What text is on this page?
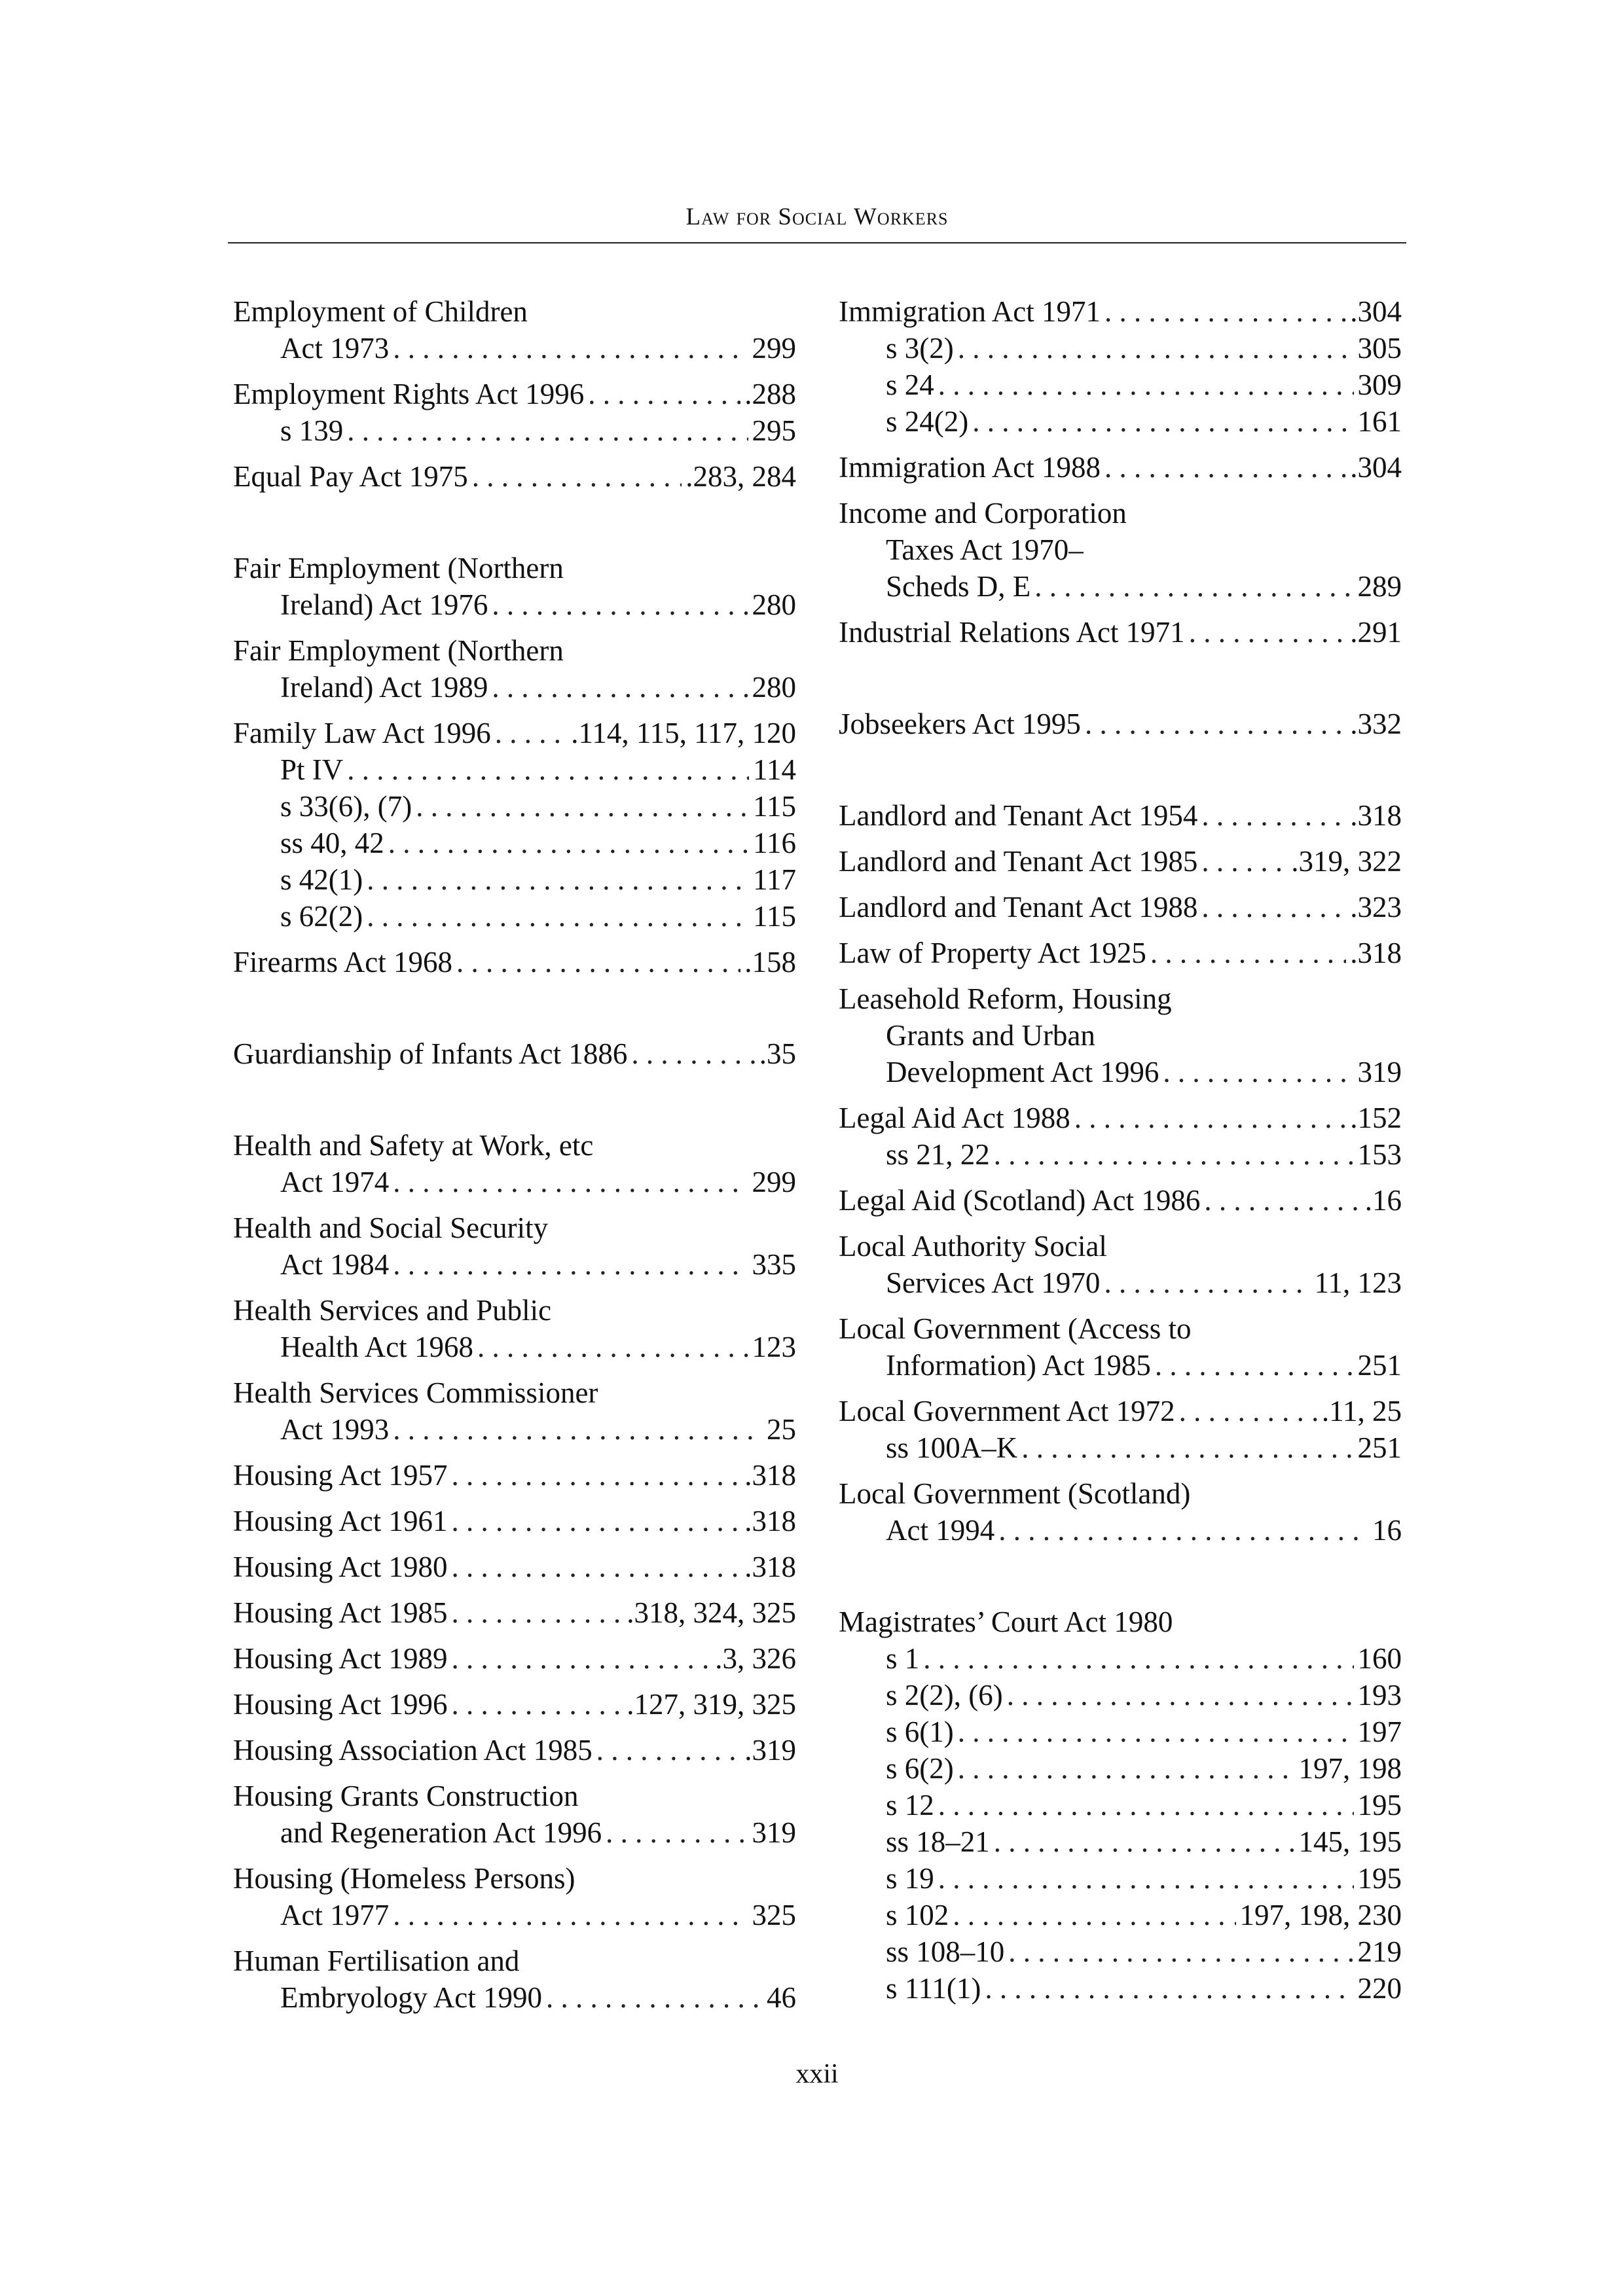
Law for Social Workers
Employment of Children
Act 1973 . . .	299
Employment Rights Act 1996 . . .	.288
s 139 . . .	295
Equal Pay Act 1975 . . .	.283, 284
Fair Employment (Northern
Ireland) Act 1976 . . .	280
Fair Employment (Northern
Ireland) Act 1989 . . .	280
Family Law Act 1996 . . .	.114, 115, 117, 120
Pt IV . . .	114
s 33(6), (7) . . .	115
ss 40, 42 . . .	116
s 42(1) . . .	117
s 62(2) . . .	115
Firearms Act 1968 . . .	.158
Guardianship of Infants Act 1886 . . .	.35
Health and Safety at Work, etc
Act 1974 . . .	299
Health and Social Security
Act 1984 . . .	335
Health Services and Public
Health Act 1968 . . .	123
Health Services Commissioner
Act 1993 . . .	25
Housing Act 1957 . . .	.318
Housing Act 1961 . . .	.318
Housing Act 1980 . . .	.318
Housing Act 1985 . . .	.318, 324, 325
Housing Act 1989 . . .	.3, 326
Housing Act 1996 . . .	.127, 319, 325
Housing Association Act 1985 . . .	.319
Housing Grants Construction
and Regeneration Act 1996 . . .	319
Housing (Homeless Persons)
Act 1977 . . .	325
Human Fertilisation and
Embryology Act 1990 . . .	46
Immigration Act 1971 . . .	.304
s 3(2) . . .	305
s 24 . . .	309
s 24(2) . . .	161
Immigration Act 1988 . . .	.304
Income and Corporation
Taxes Act 1970–
Scheds D, E . . .	289
Industrial Relations Act 1971 . . .	.291
Jobseekers Act 1995 . . .	.332
Landlord and Tenant Act 1954 . . .	.318
Landlord and Tenant Act 1985 . . .	.319, 322
Landlord and Tenant Act 1988 . . .	.323
Law of Property Act 1925 . . .	.318
Leasehold Reform, Housing
Grants and Urban
Development Act 1996 . . .	319
Legal Aid Act 1988 . . .	.152
ss 21, 22 . . .	153
Legal Aid (Scotland) Act 1986 . . .	.16
Local Authority Social
Services Act 1970 . . .	11, 123
Local Government (Access to
Information) Act 1985 . . .	251
Local Government Act 1972 . . .	.11, 25
ss 100A–K . . .	251
Local Government (Scotland)
Act 1994 . . .	16
Magistrates’ Court Act 1980
s 1 . . .	160
s 2(2), (6) . . .	193
s 6(1) . . .	197
s 6(2) . . .	197, 198
s 12 . . .	195
ss 18–21 . . .	145, 195
s 19 . . .	195
s 102 . . .	197, 198, 230
ss 108–10 . . .	219
s 111(1) . . .	220
xxii
